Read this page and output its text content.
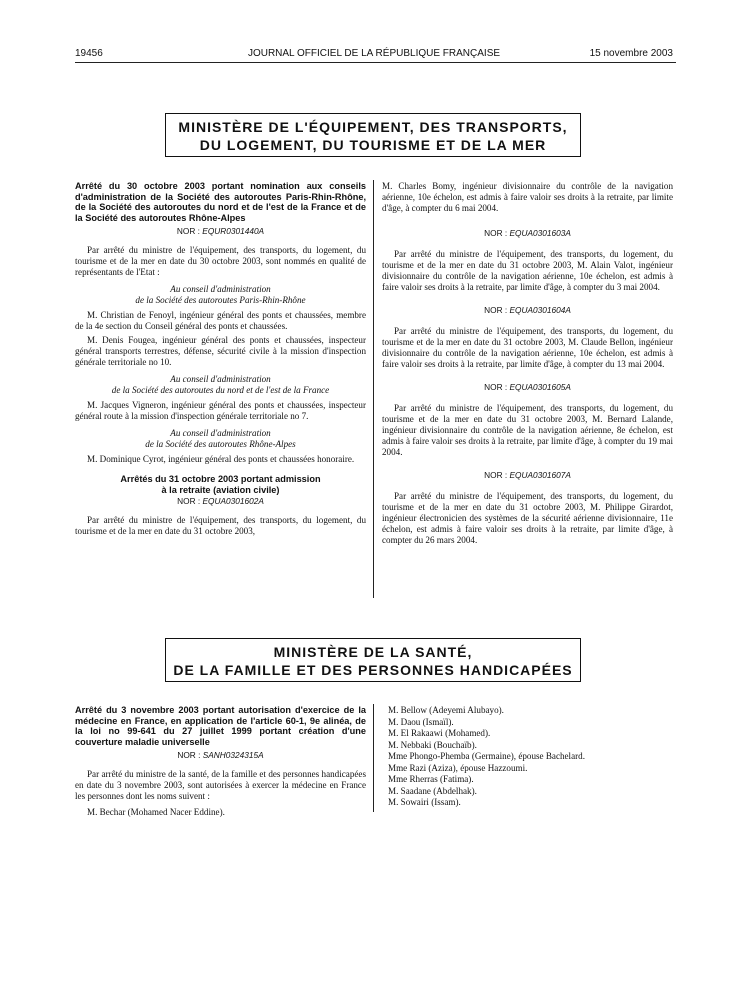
19456	JOURNAL OFFICIEL DE LA RÉPUBLIQUE FRANÇAISE	15 novembre 2003
MINISTÈRE DE L'ÉQUIPEMENT, DES TRANSPORTS,
DU LOGEMENT, DU TOURISME ET DE LA MER

Arrêté du 30 octobre 2003 portant nomination aux conseils d'administration de la Société des autoroutes Paris-Rhin-Rhône, de la Société des autoroutes du nord et de l'est de la France et de la Société des autoroutes Rhône-Alpes

NOR : EQUR0301440A

Par arrêté du ministre de l'équipement, des transports, du logement, du tourisme et de la mer en date du 30 octobre 2003, sont nommés en qualité de représentants de l'Etat :

Au conseil d'administration
de la Société des autoroutes Paris-Rhin-Rhône

M. Christian de Fenoyl, ingénieur général des ponts et chaussées, membre de la 4e section du Conseil général des ponts et chaussées.

M. Denis Fougea, ingénieur général des ponts et chaussées, inspecteur général transports terrestres, défense, sécurité civile à la mission d'inspection générale territoriale no 10.

Au conseil d'administration
de la Société des autoroutes du nord et de l'est de la France

M. Jacques Vigneron, ingénieur général des ponts et chaussées, inspecteur général route à la mission d'inspection générale territoriale no 7.

Au conseil d'administration
de la Société des autoroutes Rhône-Alpes

M. Dominique Cyrot, ingénieur général des ponts et chaussées honoraire.

Arrêtés du 31 octobre 2003 portant admission

à la retraite (aviation civile)

NOR : EQUA0301602A

Par arrêté du ministre de l'équipement, des transports, du logement, du tourisme et de la mer en date du 31 octobre 2003,

M. Charles Bomy, ingénieur divisionnaire du contrôle de la navigation aérienne, 10e échelon, est admis à faire valoir ses droits à la retraite, par limite d'âge, à compter du 6 mai 2004.

NOR : EQUA0301603A

Par arrêté du ministre de l'équipement, des transports, du logement, du tourisme et de la mer en date du 31 octobre 2003, M. Alain Valot, ingénieur divisionnaire du contrôle de la navigation aérienne, 10e échelon, est admis à faire valoir ses droits à la retraite, par limite d'âge, à compter du 3 mai 2004.

NOR : EQUA0301604A

Par arrêté du ministre de l'équipement, des transports, du logement, du tourisme et de la mer en date du 31 octobre 2003, M. Claude Bellon, ingénieur divisionnaire du contrôle de la navigation aérienne, 10e échelon, est admis à faire valoir ses droits à la retraite, par limite d'âge, à compter du 13 mai 2004.

NOR : EQUA0301605A

Par arrêté du ministre de l'équipement, des transports, du logement, du tourisme et de la mer en date du 31 octobre 2003, M. Bernard Lalande, ingénieur divisionnaire du contrôle de la navigation aérienne, 8e échelon, est admis à faire valoir ses droits à la retraite, par limite d'âge, à compter du 19 mai 2004.

NOR : EQUA0301607A

Par arrêté du ministre de l'équipement, des transports, du logement, du tourisme et de la mer en date du 31 octobre 2003, M. Philippe Girardot, ingénieur électronicien des systèmes de la sécurité aérienne divisionnaire, 11e échelon, est admis à faire valoir ses droits à la retraite, par limite d'âge, à compter du 26 mars 2004.

MINISTÈRE DE LA SANTÉ,
DE LA FAMILLE ET DES PERSONNES HANDICAPÉES

Arrêté du 3 novembre 2003 portant autorisation d'exercice de la médecine en France, en application de l'article 60-1, 9e alinéa, de la loi no 99-641 du 27 juillet 1999 portant création d'une couverture maladie universelle

NOR : SANH0324315A

Par arrêté du ministre de la santé, de la famille et des personnes handicapées en date du 3 novembre 2003, sont autorisées à exercer la médecine en France les personnes dont les noms suivent :

M. Bechar (Mohamed Nacer Eddine).

M. Bellow (Adeyemi Alubayo).
M. Daou (Ismaïl).
M. El Rakaawi (Mohamed).
M. Nebbaki (Bouchaïb).
Mme Phongo-Phemba (Germaine), épouse Bachelard.
Mme Razi (Aziza), épouse Hazzoumi.
Mme Rherras (Fatima).
M. Saadane (Abdelhak).
M. Sowairi (Issam).
